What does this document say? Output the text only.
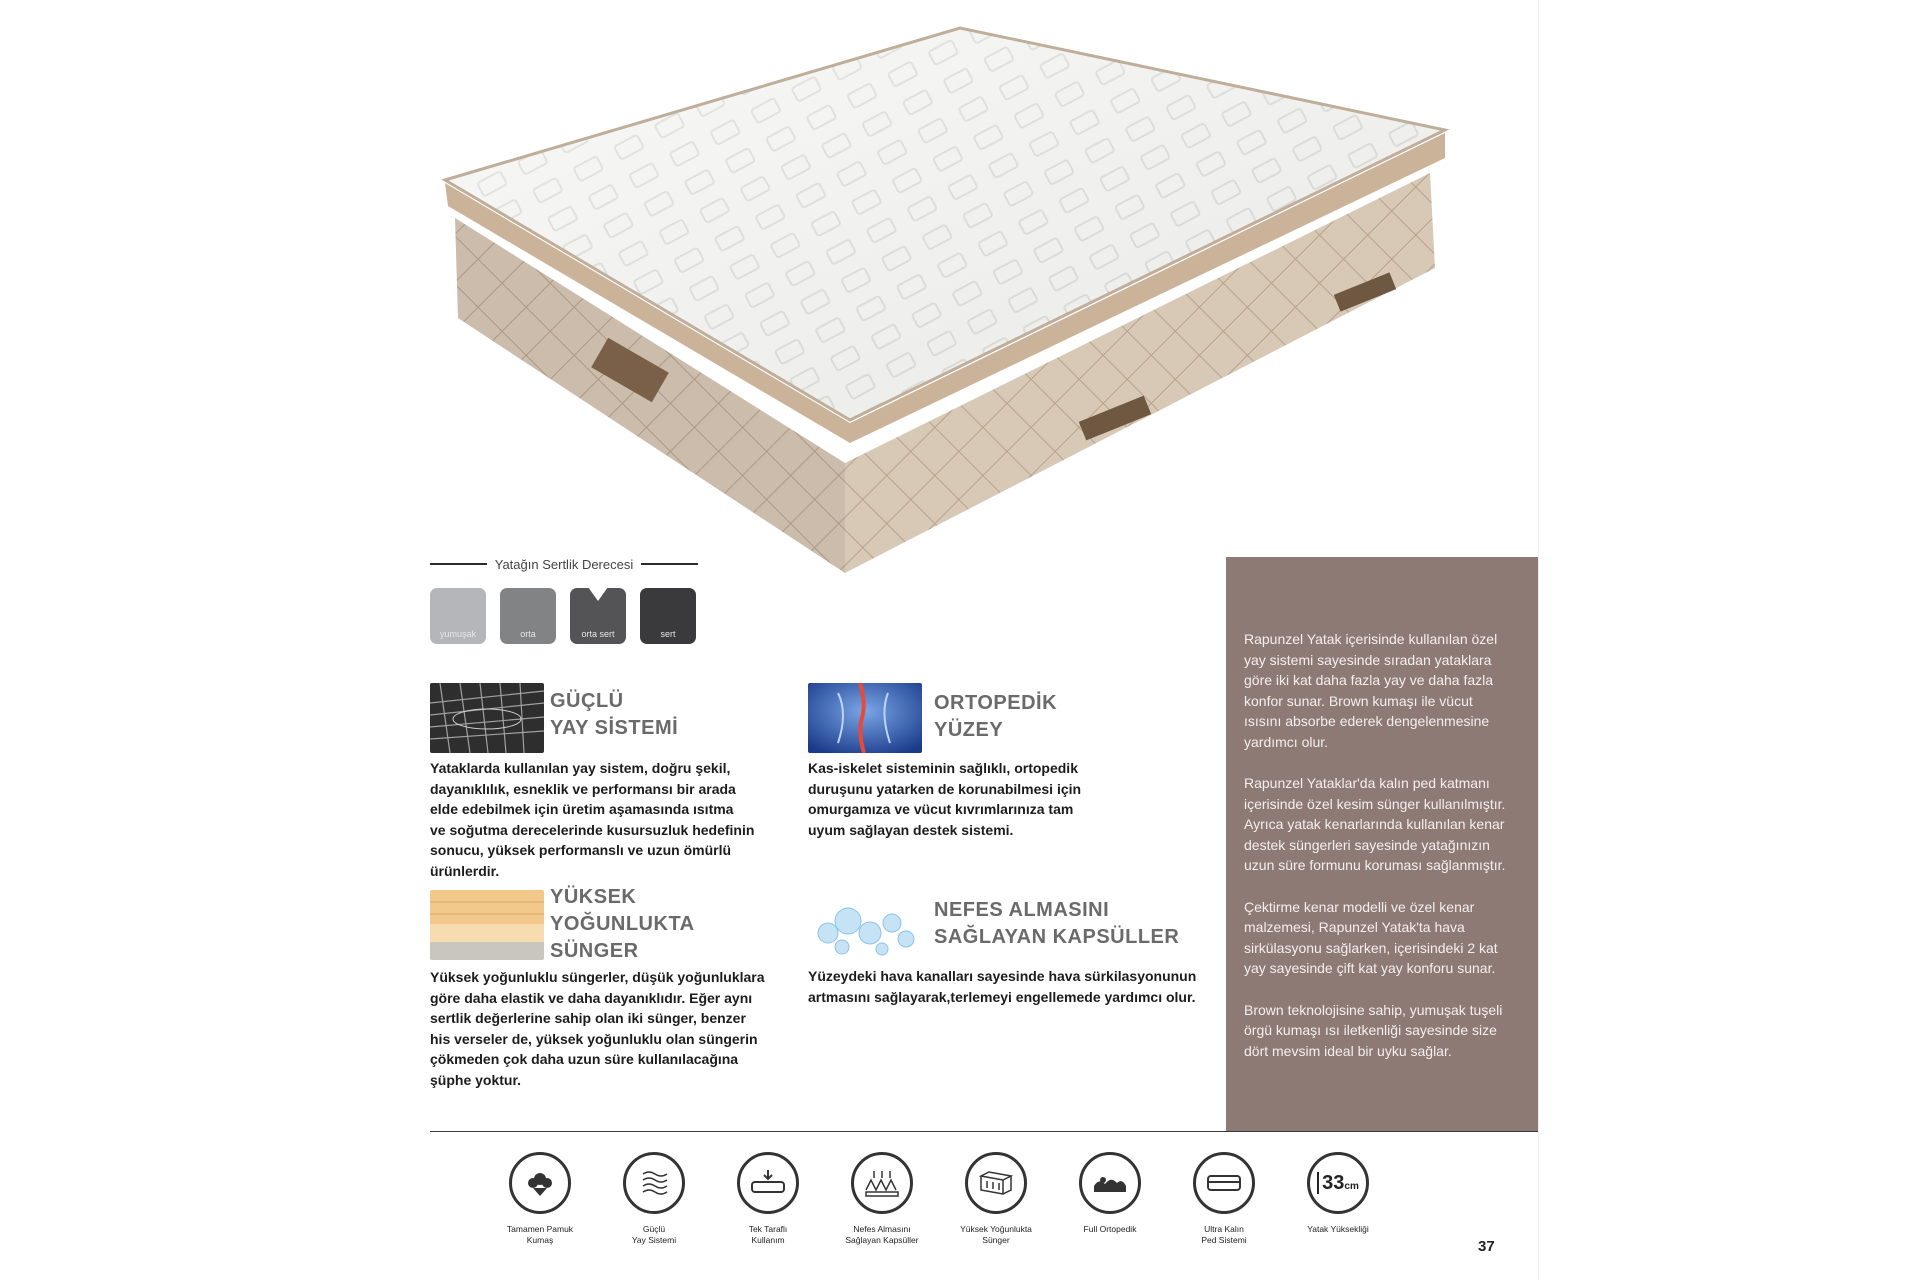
Yatağın Sertlik Derecesi
yumuşak	orta	orta sert	sert
GÜÇLÜ
YAY SİSTEMİ
Yataklarda kullanılan yay sistem, doğru şekil,
dayanıklılık, esneklik ve performansı bir arada
elde edebilmek için üretim aşamasında ısıtma
ve soğutma derecelerinde kusursuzluk hedefinin
sonucu, yüksek performanslı ve uzun ömürlü
ürünlerdir.
ORTOPEDİK
YÜZEY
Kas-iskelet sisteminin sağlıklı, ortopedik
duruşunu yatarken de korunabilmesi için
omurgamıza ve vücut kıvrımlarınıza tam
uyum sağlayan destek sistemi.
YÜKSEK
YOĞUNLUKTA
SÜNGER
Yüksek yoğunluklu süngerler, düşük yoğunluklara
göre daha elastik ve daha dayanıklıdır. Eğer aynı
sertlik değerlerine sahip olan iki sünger, benzer
his verseler de, yüksek yoğunluklu olan süngerin
çökmeden çok daha uzun süre kullanılacağına
şüphe yoktur.
NEFES ALMASINI
SAĞLAYAN KAPSÜLLER
Yüzeydeki hava kanalları sayesinde hava sürkilasyonunun
artmasını sağlayarak,terlemeyi engellemede yardımcı olur.

Rapunzel Yatak içerisinde kullanılan özel
yay sistemi sayesinde sıradan yataklara
göre iki kat daha fazla yay ve daha fazla
konfor sunar. Brown kumaşı ile vücut
ısısını absorbe ederek dengelenmesine
yardımcı olur.

Rapunzel Yataklar'da kalın ped katmanı
içerisinde özel kesim sünger kullanılmıştır.
Ayrıca yatak kenarlarında kullanılan kenar
destek süngerleri sayesinde yatağınızın
uzun süre formunu koruması sağlanmıştır.

Çektirme kenar modelli ve özel kenar
malzemesi, Rapunzel Yatak'ta hava
sirkülasyonu sağlarken, içerisindeki 2 kat
yay sayesinde çift kat yay konforu sunar.

Brown teknolojisine sahip, yumuşak tuşeli
örgü kumaşı ısı iletkenliği sayesinde size
dört mevsim ideal bir uyku sağlar.

Tamamen Pamuk
Kumaş
Güçlü
Yay Sistemi
Tek Taraflı
Kullanım
Nefes Almasını
Sağlayan Kapsüller
Yüksek Yoğunlukta
Sünger
Full Ortopedik	Ultra Kalın
Ped Sistemi
33 cm
Yatak Yüksekliği
37
